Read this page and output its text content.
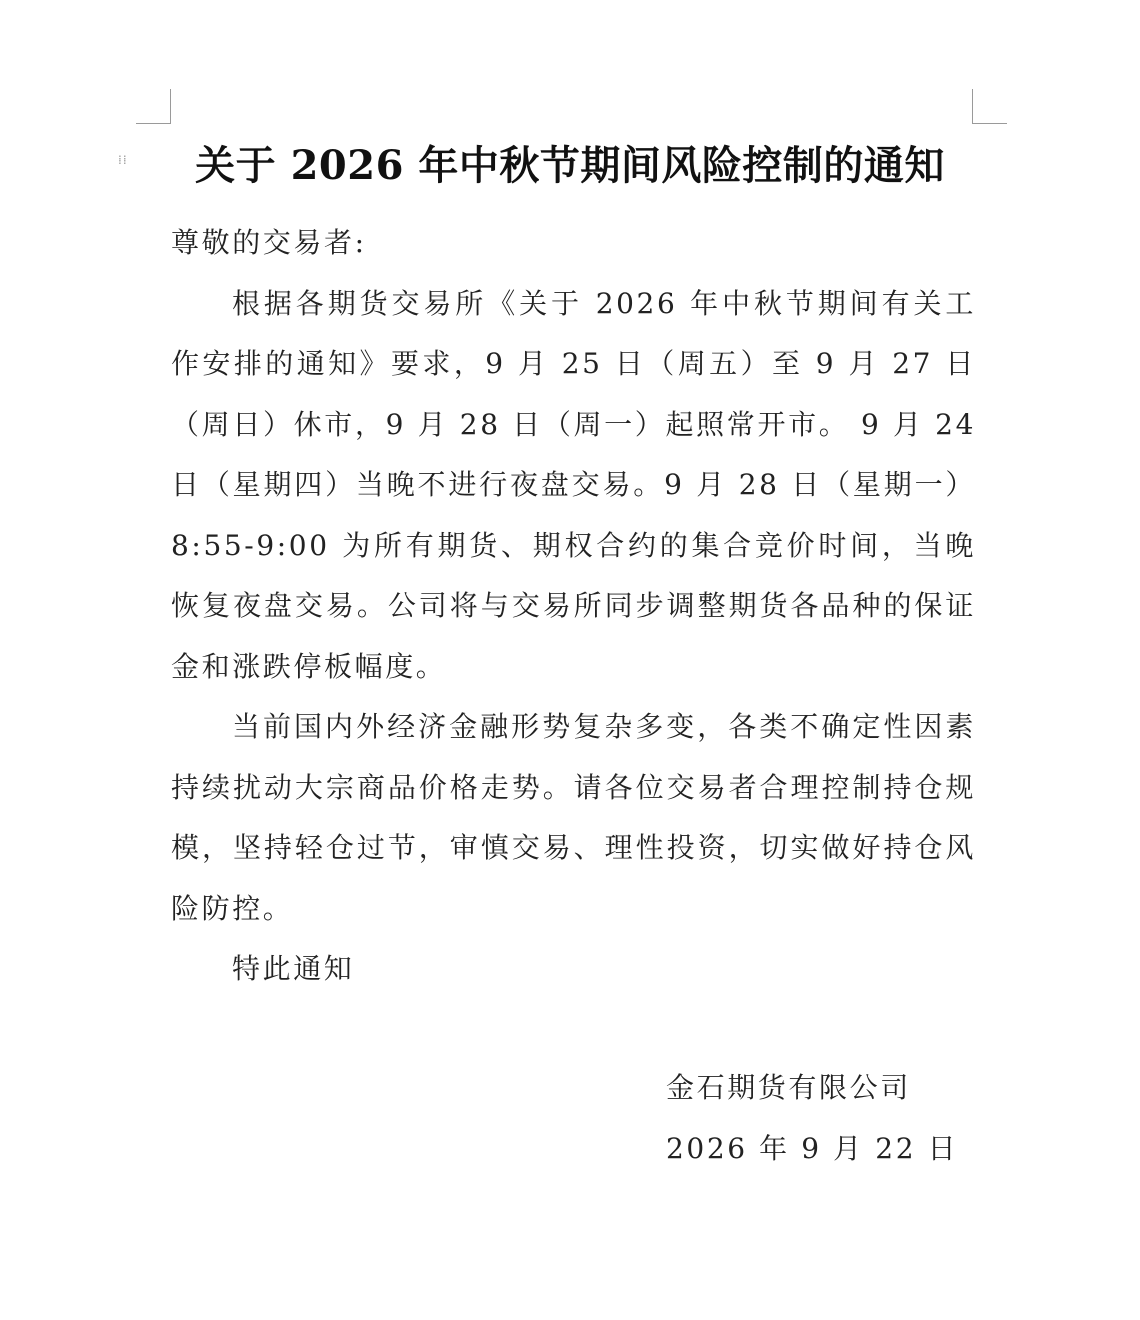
⁞⁞	关于 2026 年中秋节期间风险控制的通知

尊敬的交易者:

根据各期货交易所《关于 2026 年中秋节期间有关工作安排的通知》要求，9 月 25 日（周五）至 9 月 27 日（周日）休市，9 月 28 日（周一）起照常开市。 9 月 24 日（星期四）当晚不进行夜盘交易。9 月 28 日（星期一）8:55-9:00 为所有期货、期权合约的集合竞价时间，当晚恢复夜盘交易。公司将与交易所同步调整期货各品种的保证金和涨跌停板幅度。

当前国内外经济金融形势复杂多变，各类不确定性因素持续扰动大宗商品价格走势。请各位交易者合理控制持仓规模，坚持轻仓过节，审慎交易、理性投资，切实做好持仓风险防控。

特此通知

金石期货有限公司
2026 年 9 月 22 日
